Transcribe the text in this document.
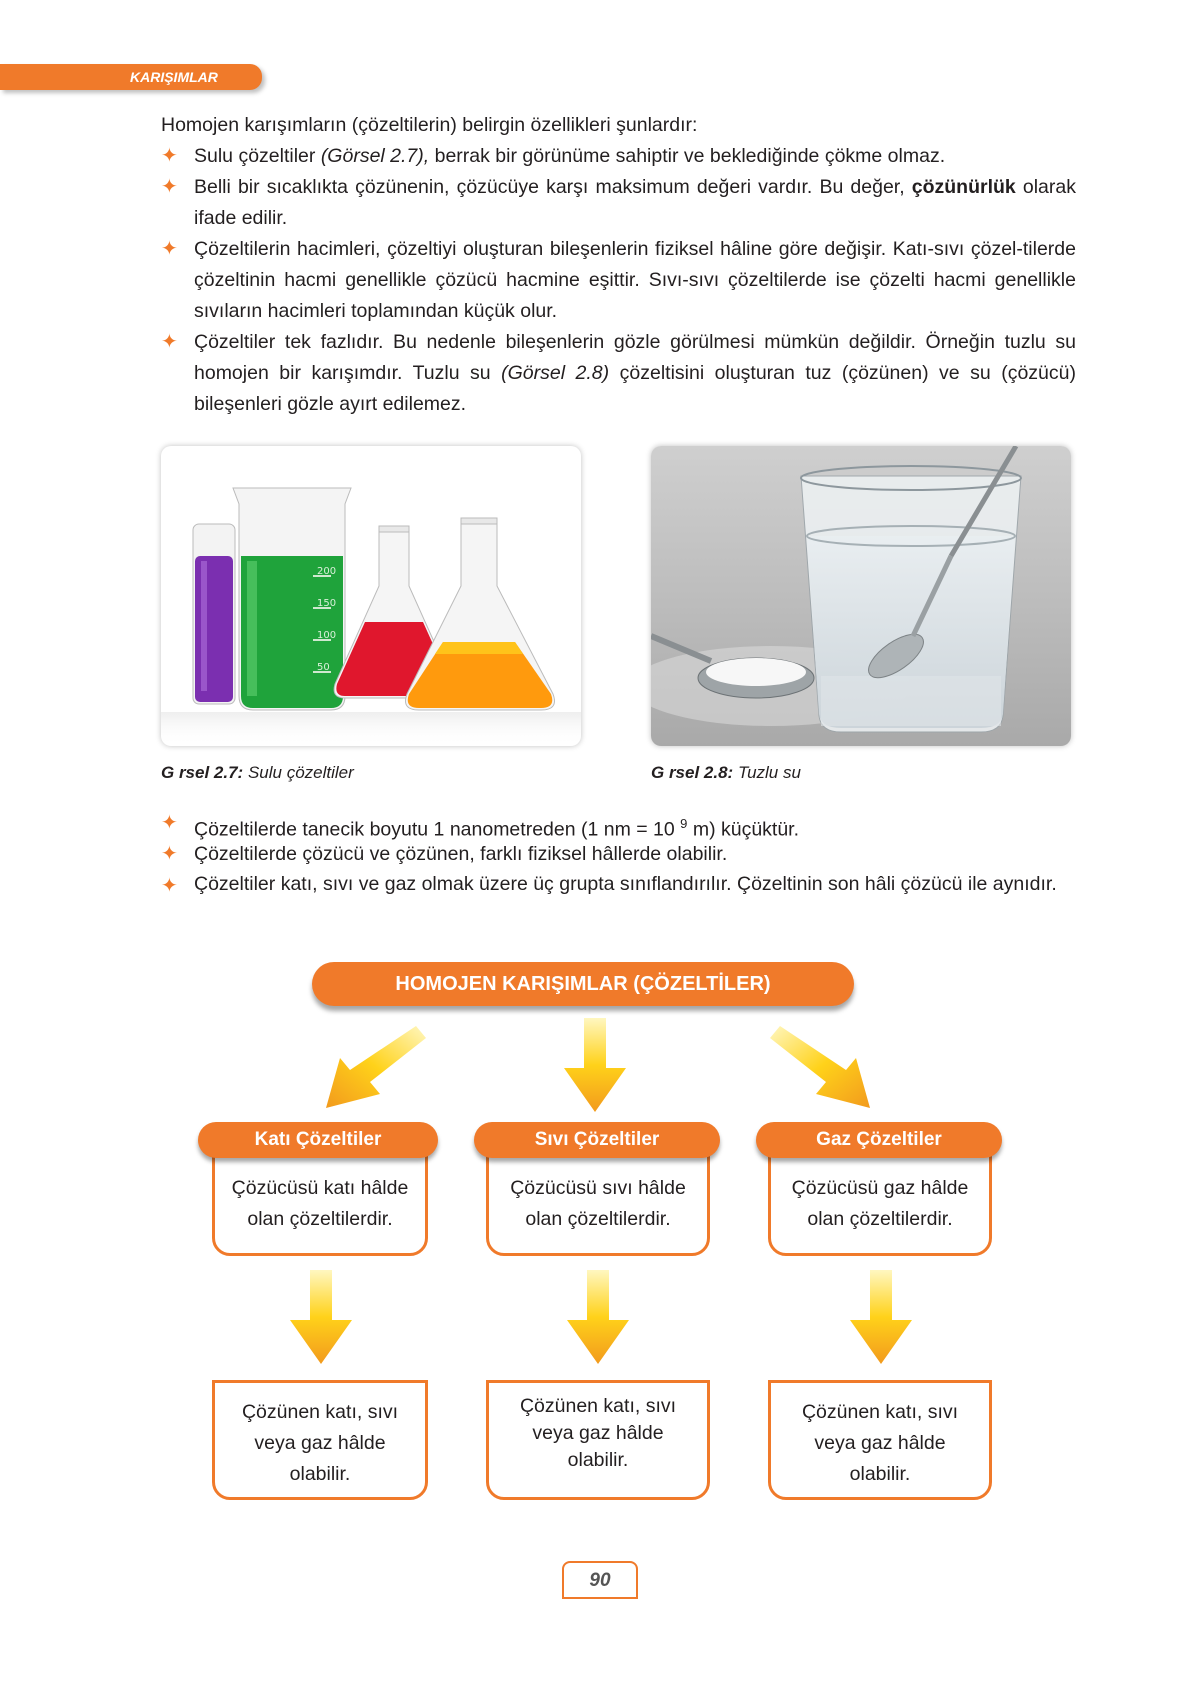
KARIŞIMLAR
Homojen karışımların (çözeltilerin) belirgin özellikleri şunlardır:
✦ Sulu çözeltiler (Görsel 2.7), berrak bir görünüme sahiptir ve beklediğinde çökme olmaz.
✦ Belli bir sıcaklıkta çözünenin, çözücüye karşı maksimum değeri vardır. Bu değer, çözünürlük olarak ifade edilir.
✦ Çözeltilerin hacimleri, çözeltiyi oluşturan bileşenlerin fiziksel hâline göre değişir. Katı-sıvı çözel-tilerde çözeltinin hacmi genellikle çözücü hacmine eşittir. Sıvı-sıvı çözeltilerde ise çözelti hacmi genellikle sıvıların hacimleri toplamından küçük olur.
✦ Çözeltiler tek fazlıdır. Bu nedenle bileşenlerin gözle görülmesi mümkün değildir. Örneğin tuzlu su homojen bir karışımdır. Tuzlu su (Görsel 2.8) çözeltisini oluşturan tuz (çözünen) ve su (çözücü) bileşenleri gözle ayırt edilemez.
200
150
100
50
G rsel 2.7: Sulu çözeltiler	G rsel 2.8: Tuzlu su
✦ Çözeltilerde tanecik boyutu 1 nanometreden (1 nm = 10 $^9$ m) küçüktür.
✦ Çözeltilerde çözücü ve çözünen, farklı fiziksel hâllerde olabilir.
✦ Çözeltiler katı, sıvı ve gaz olmak üzere üç grupta sınıflandırılır. Çözeltinin son hâli çözücü ile aynıdır.
HOMOJEN KARIŞIMLAR (ÇÖZELTİLER)
Katı Çözeltiler	Sıvı Çözeltiler	Gaz Çözeltiler
Çözücüsü katı hâlde
olan çözeltilerdir.
Çözücüsü sıvı hâlde
olan çözeltilerdir.
Çözücüsü gaz hâlde
olan çözeltilerdir.
Çözünen katı, sıvı
veya gaz hâlde
olabilir.
Çözünen katı, sıvı
veya gaz hâlde
olabilir.
Çözünen katı, sıvı
veya gaz hâlde
olabilir.
90
